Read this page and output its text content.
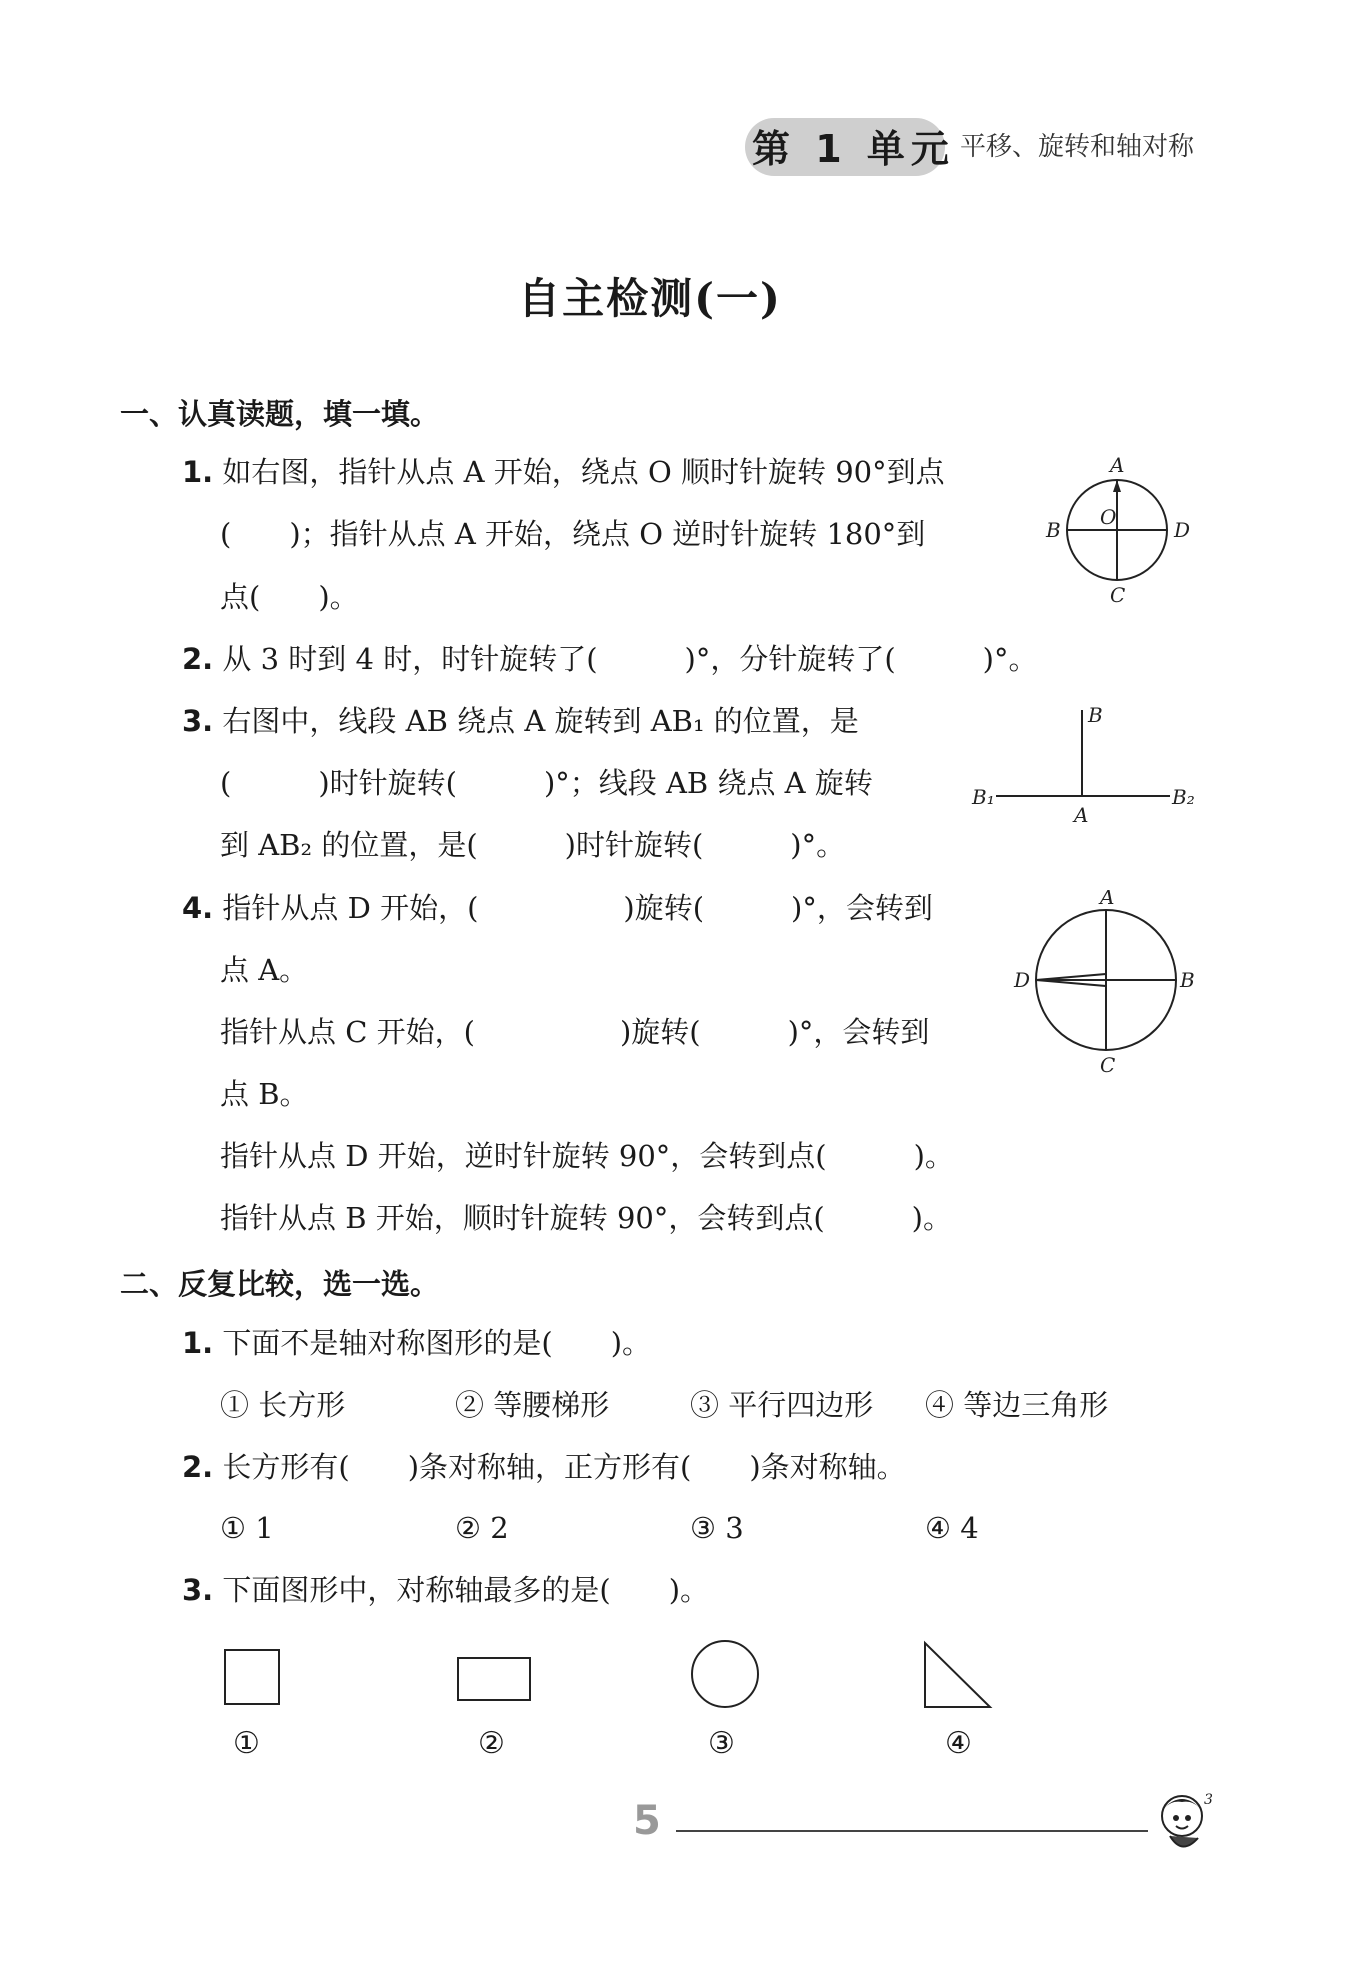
第 1 单元 平移、旋转和轴对称
自主检测(一)
一、认真读题，填一填。
1. 如右图，指针从点 A 开始，绕点 O 顺时针旋转 90°到点
(　　)；指针从点 A 开始，绕点 O 逆时针旋转 180°到
点(　　)。
A
O
B	D
C
2. 从 3 时到 4 时，时针旋转了(　　　)°，分针旋转了(　　　)°。
3. 右图中，线段 AB 绕点 A 旋转到 AB₁ 的位置，是
(　　　)时针旋转(　　　)°；线段 AB 绕点 A 旋转
到 AB₂ 的位置，是(　　　)时针旋转(　　　)°。
B
A
B₁	B₂
4. 指针从点 D 开始，(　　　　　)旋转(　　　)°，会转到
点 A。
指针从点 C 开始，(　　　　　)旋转(　　　)°，会转到
点 B。
指针从点 D 开始，逆时针旋转 90°，会转到点(　　　)。
指针从点 B 开始，顺时针旋转 90°，会转到点(　　　)。
A
D	B
C
二、反复比较，选一选。
1. 下面不是轴对称图形的是(　　)。
① 长方形	② 等腰梯形	③ 平行四边形 ④ 等边三角形
2. 长方形有(　　)条对称轴，正方形有(　　)条对称轴。
① 1	② 2	③ 3	④ 4
3. 下面图形中，对称轴最多的是(　　)。
①	②	③	④
5	3
